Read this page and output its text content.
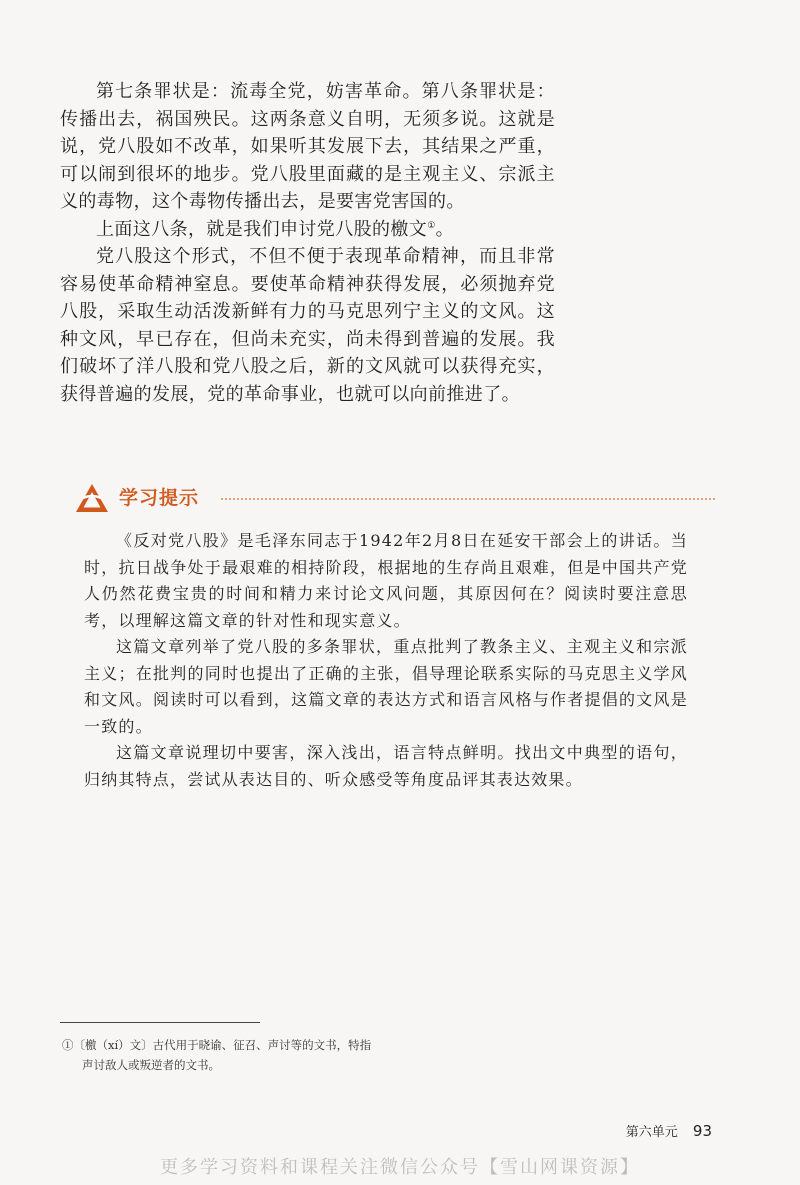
第七条罪状是：流毒全党，妨害革命。第八条罪状是：传播出去，祸国殃民。这两条意义自明，无须多说。这就是说，党八股如不改革，如果听其发展下去，其结果之严重，可以闹到很坏的地步。党八股里面藏的是主观主义、宗派主义的毒物，这个毒物传播出去，是要害党害国的。

上面这八条，就是我们申讨党八股的檄文①。

党八股这个形式，不但不便于表现革命精神，而且非常容易使革命精神窒息。要使革命精神获得发展，必须抛弃党八股，采取生动活泼新鲜有力的马克思列宁主义的文风。这种文风，早已存在，但尚未充实，尚未得到普遍的发展。我们破坏了洋八股和党八股之后，新的文风就可以获得充实，获得普遍的发展，党的革命事业，也就可以向前推进了。

学习提示

《反对党八股》是毛泽东同志于1942年2月8日在延安干部会上的讲话。当时，抗日战争处于最艰难的相持阶段，根据地的生存尚且艰难，但是中国共产党人仍然花费宝贵的时间和精力来讨论文风问题，其原因何在？阅读时要注意思考，以理解这篇文章的针对性和现实意义。

这篇文章列举了党八股的多条罪状，重点批判了教条主义、主观主义和宗派主义；在批判的同时也提出了正确的主张，倡导理论联系实际的马克思主义学风和文风。阅读时可以看到，这篇文章的表达方式和语言风格与作者提倡的文风是一致的。

这篇文章说理切中要害，深入浅出，语言特点鲜明。找出文中典型的语句，归纳其特点，尝试从表达目的、听众感受等角度品评其表达效果。

①〔檄（xí）文〕古代用于晓谕、征召、声讨等的文书，特指声讨敌人或叛逆者的文书。
第六单元 93
更多学习资料和课程关注微信公众号【雪山网课资源】
